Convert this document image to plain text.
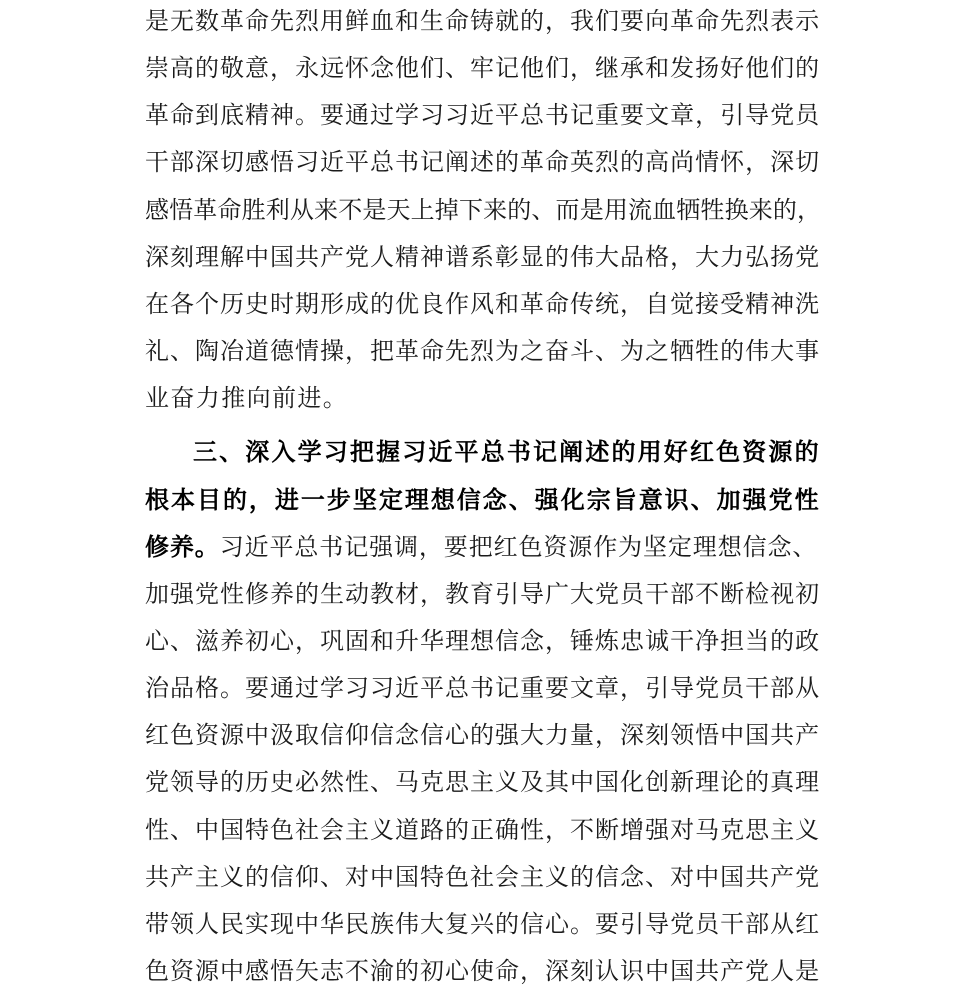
是无数革命先烈用鲜血和生命铸就的，我们要向革命先烈表示
崇高的敬意，永远怀念他们、牢记他们，继承和发扬好他们的
革命到底精神。要通过学习习近平总书记重要文章，引导党员
干部深切感悟习近平总书记阐述的革命英烈的高尚情怀，深切
感悟革命胜利从来不是天上掉下来的、而是用流血牺牲换来的，
深刻理解中国共产党人精神谱系彰显的伟大品格，大力弘扬党
在各个历史时期形成的优良作风和革命传统，自觉接受精神洗
礼、陶冶道德情操，把革命先烈为之奋斗、为之牺牲的伟大事
业奋力推向前进。
三、深入学习把握习近平总书记阐述的用好红色资源的
根本目的，进一步坚定理想信念、强化宗旨意识、加强党性
修养。习近平总书记强调，要把红色资源作为坚定理想信念、
加强党性修养的生动教材，教育引导广大党员干部不断检视初
心、滋养初心，巩固和升华理想信念，锤炼忠诚干净担当的政
治品格。要通过学习习近平总书记重要文章，引导党员干部从
红色资源中汲取信仰信念信心的强大力量，深刻领悟中国共产
党领导的历史必然性、马克思主义及其中国化创新理论的真理
性、中国特色社会主义道路的正确性，不断增强对马克思主义
共产主义的信仰、对中国特色社会主义的信念、对中国共产党
带领人民实现中华民族伟大复兴的信心。要引导党员干部从红
色资源中感悟矢志不渝的初心使命，深刻认识中国共产党人是
